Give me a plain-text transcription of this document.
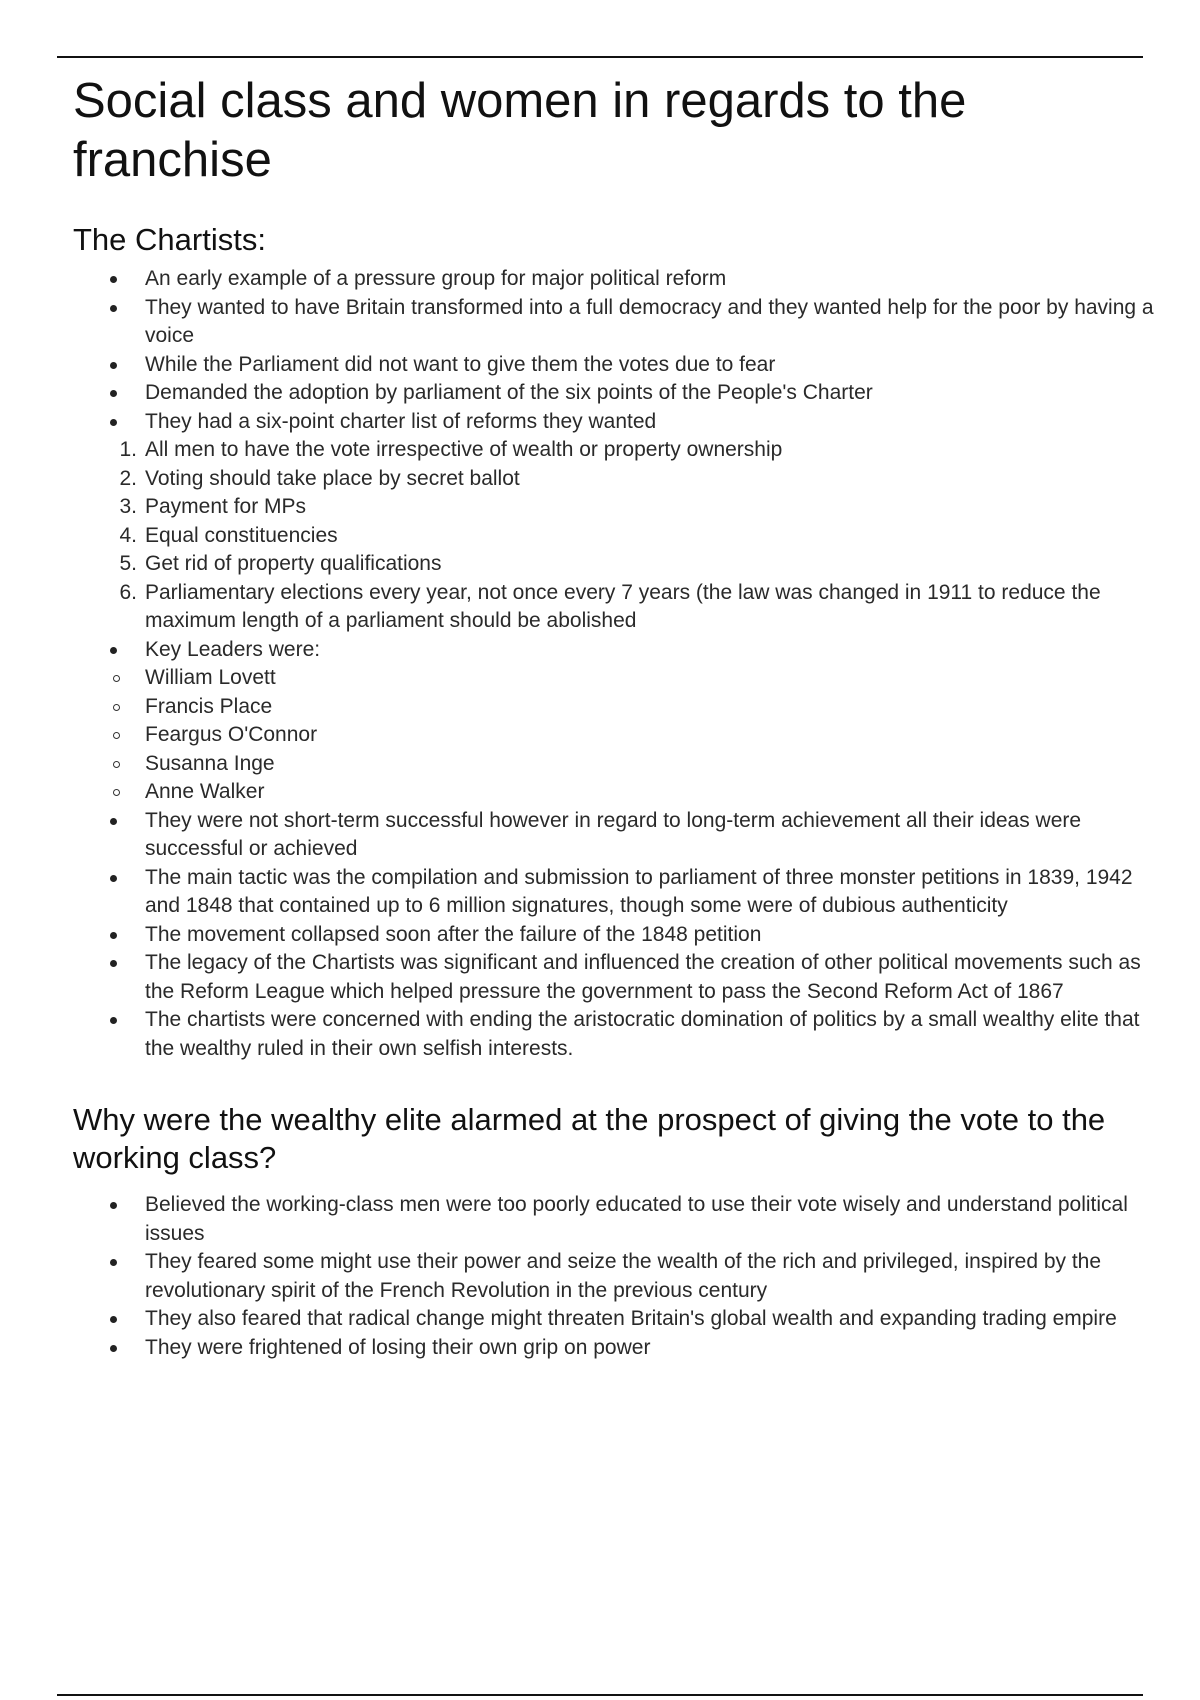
Social class and women in regards to the franchise
The Chartists:
An early example of a pressure group for major political reform
They wanted to have Britain transformed into a full democracy and they wanted help for the poor by having a voice
While the Parliament did not want to give them the votes due to fear
Demanded the adoption by parliament of the six points of the People's Charter
They had a six-point charter list of reforms they wanted
1. All men to have the vote irrespective of wealth or property ownership
2. Voting should take place by secret ballot
3. Payment for MPs
4. Equal constituencies
5. Get rid of property qualifications
6. Parliamentary elections every year, not once every 7 years (the law was changed in 1911 to reduce the maximum length of a parliament should be abolished
Key Leaders were:
William Lovett
Francis Place
Feargus O'Connor
Susanna Inge
Anne Walker
They were not short-term successful however in regard to long-term achievement all their ideas were successful or achieved
The main tactic was the compilation and submission to parliament of three monster petitions in 1839, 1942 and 1848 that contained up to 6 million signatures, though some were of dubious authenticity
The movement collapsed soon after the failure of the 1848 petition
The legacy of the Chartists was significant and influenced the creation of other political movements such as the Reform League which helped pressure the government to pass the Second Reform Act of 1867
The chartists were concerned with ending the aristocratic domination of politics by a small wealthy elite that the wealthy ruled in their own selfish interests.
Why were the wealthy elite alarmed at the prospect of giving the vote to the working class?
Believed the working-class men were too poorly educated to use their vote wisely and understand political issues
They feared some might use their power and seize the wealth of the rich and privileged, inspired by the revolutionary spirit of the French Revolution in the previous century
They also feared that radical change might threaten Britain's global wealth and expanding trading empire
They were frightened of losing their own grip on power
